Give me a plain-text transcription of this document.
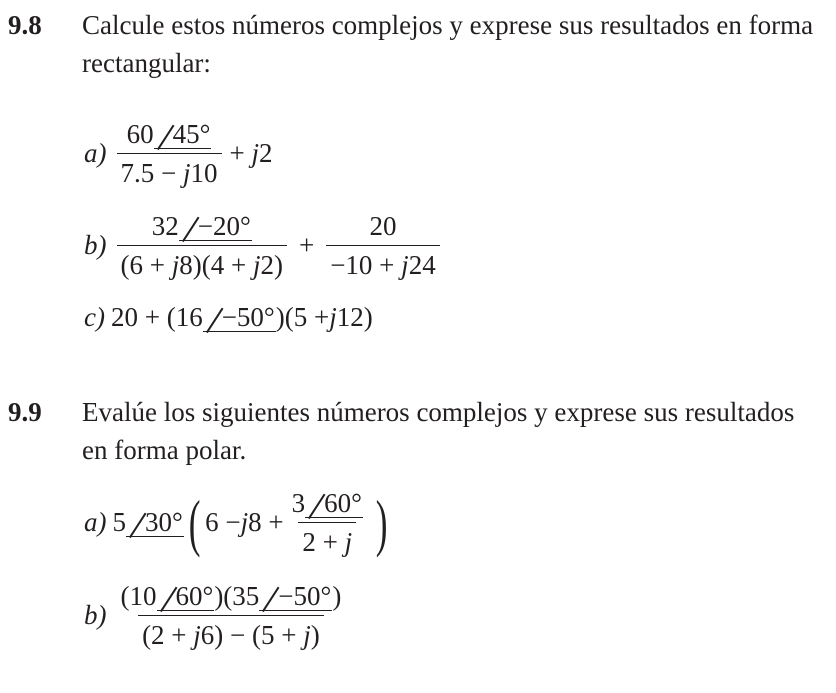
9.8 Calcule estos números complejos y exprese sus resultados en forma rectangular:
$a) \frac{60 45^\circ}{7.5 - j10} + j2$
$b) \frac{32 -20^\circ}{(6 + j8)(4 + j2)} + \frac{20}{-10 + j24}$
c) 20 + (16 −50° )(5 + j 12)
9.9 Evalúe los siguientes números complejos y exprese sus resultados en forma polar.
a) 5 30° ( 6 − j $8 + \frac{3 60^\circ}{2 + j}$ )
$b) \frac{(10 60^\circ)(35 -50^\circ)}{(2 + j6) - (5 + j)}$
